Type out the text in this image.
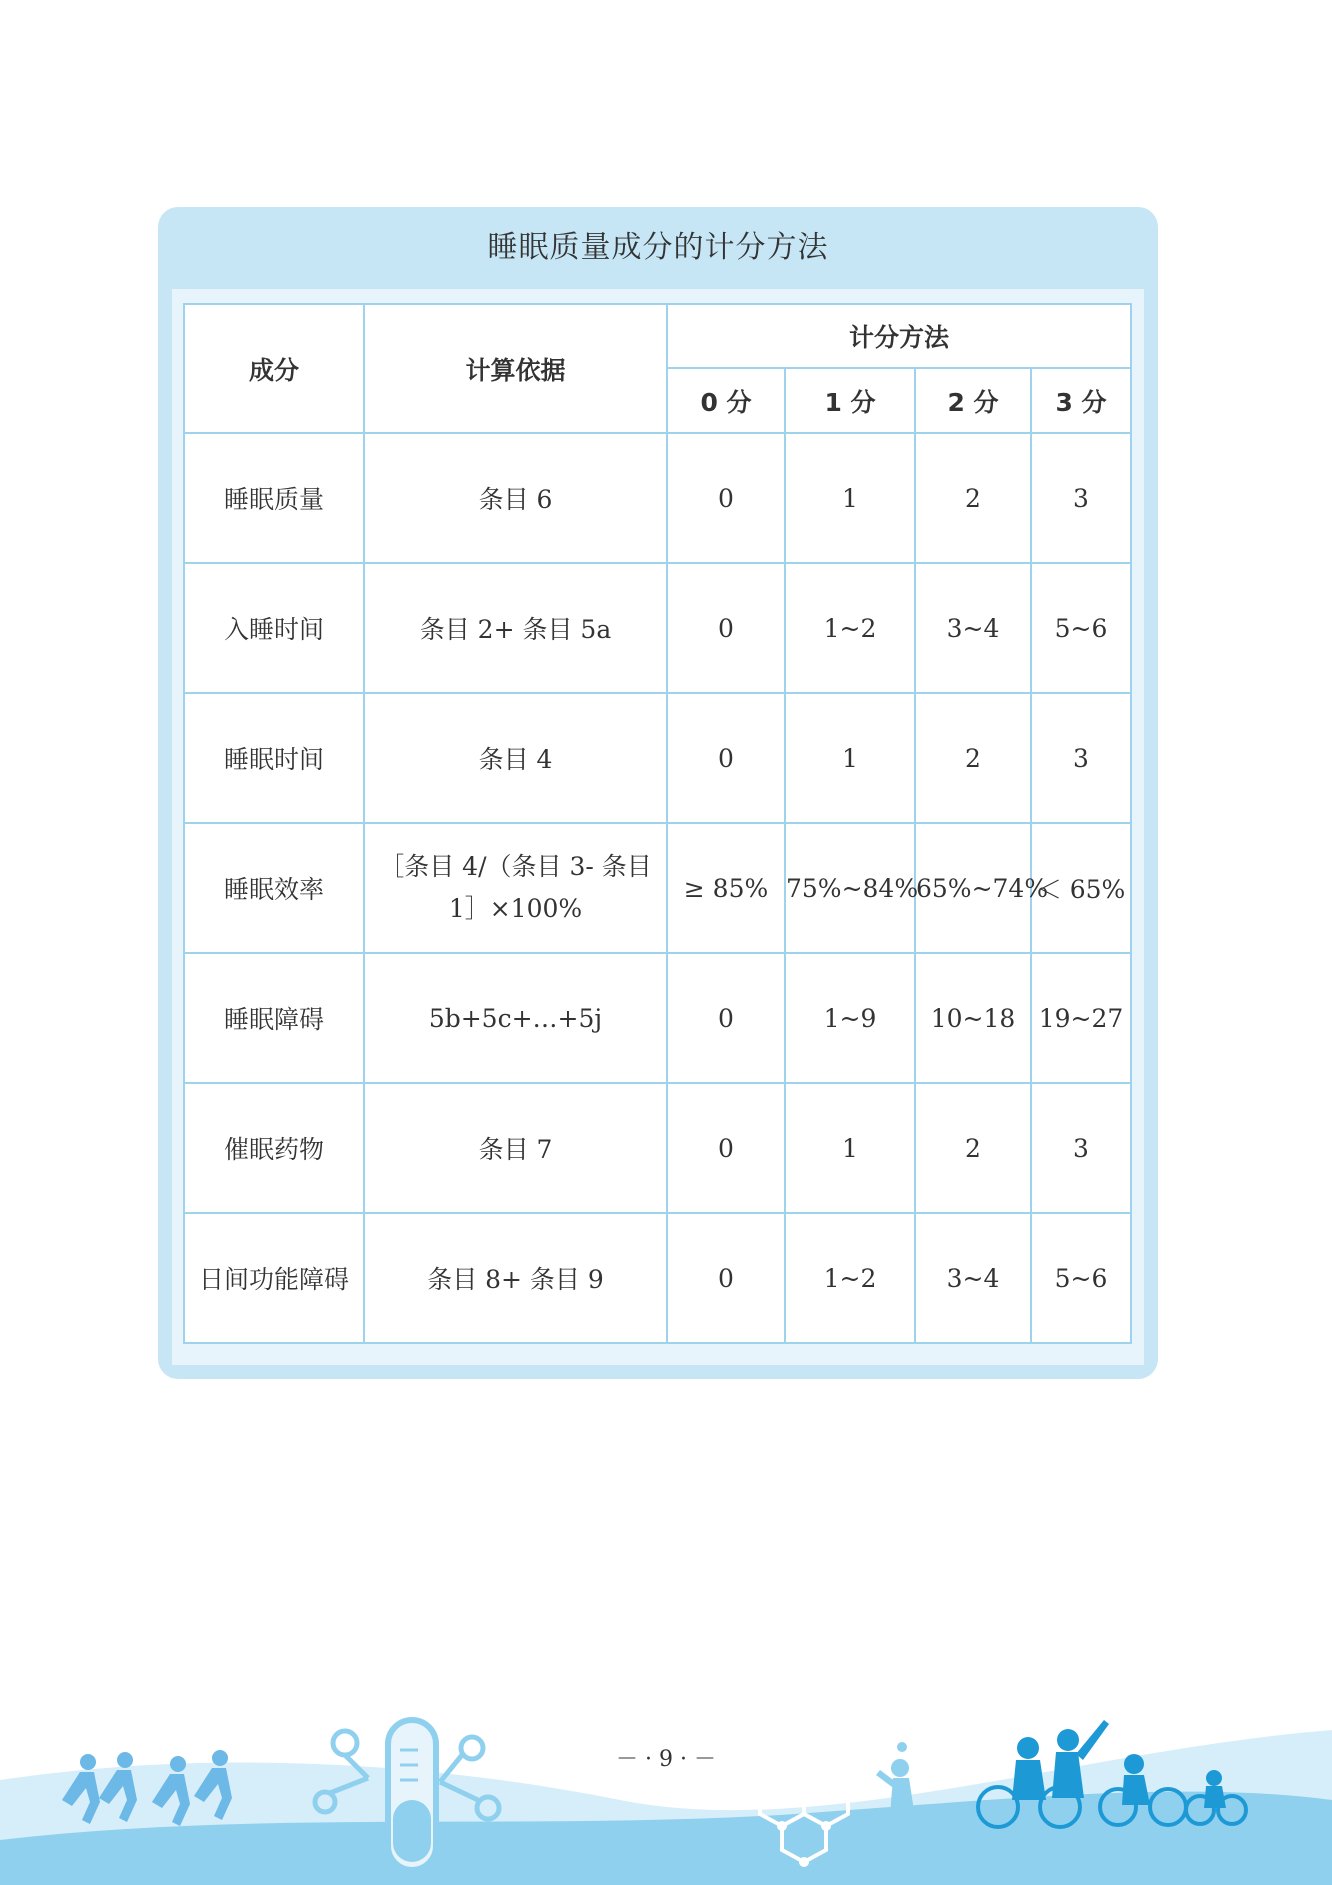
睡眠质量成分的计分方法
成分	计算依据	计分方法			
		0 分	1 分	2 分	3 分
睡眠质量	条目 6	0	1	2	3
入睡时间	条目 2+ 条目 5a	0	1~2	3~4	5~6
睡眠时间	条目 4	0	1	2	3
睡眠效率	［条目 4/（条目 3- 条目 1］×100%	≥ 85%	75%~84%	65%~74%	＜ 65%
睡眠障碍	5b+5c+…+5j	0	1~9	10~18	19~27
催眠药物	条目 7	0	1	2	3
日间功能障碍	条目 8+ 条目 9	0	1~2	3~4	5~6
－ · 9 · －
